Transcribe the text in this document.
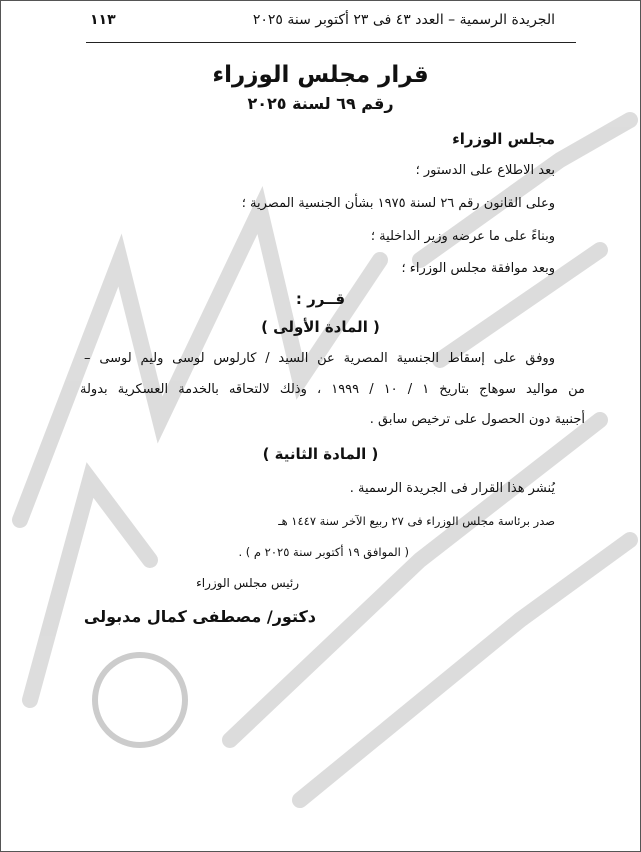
الجريدة الرسمية – العدد ٤٣ فى ٢٣ أكتوبر سنة ٢٠٢٥
١١٣
قرار مجلس الوزراء
رقم ٦٩ لسنة ٢٠٢٥
مجلس الوزراء
بعد الاطلاع على الدستور ؛
وعلى القانون رقم ٢٦ لسنة ١٩٧٥ بشأن الجنسية المصرية ؛
وبناءً على ما عرضه وزير الداخلية ؛
وبعد موافقة مجلس الوزراء ؛
قــرر :
( المادة الأولى )
ووفق على إسقاط الجنسية المصرية عن السيد / كارلوس لوسى وليم لوسى –
من مواليد سوهاج بتاريخ ١ / ١٠ / ١٩٩٩ ، وذلك لالتحاقه بالخدمة العسكرية بدولة
أجنبية دون الحصول على ترخيص سابق .
( المادة الثانية )
يُنشر هذا القرار فى الجريدة الرسمية .
صدر برئاسة مجلس الوزراء فى ٢٧ ربيع الآخر سنة ١٤٤٧ هـ
( الموافق ١٩ أكتوبر سنة ٢٠٢٥ م ) .
رئيس مجلس الوزراء
دكتور/ مصطفى كمال مدبولى
